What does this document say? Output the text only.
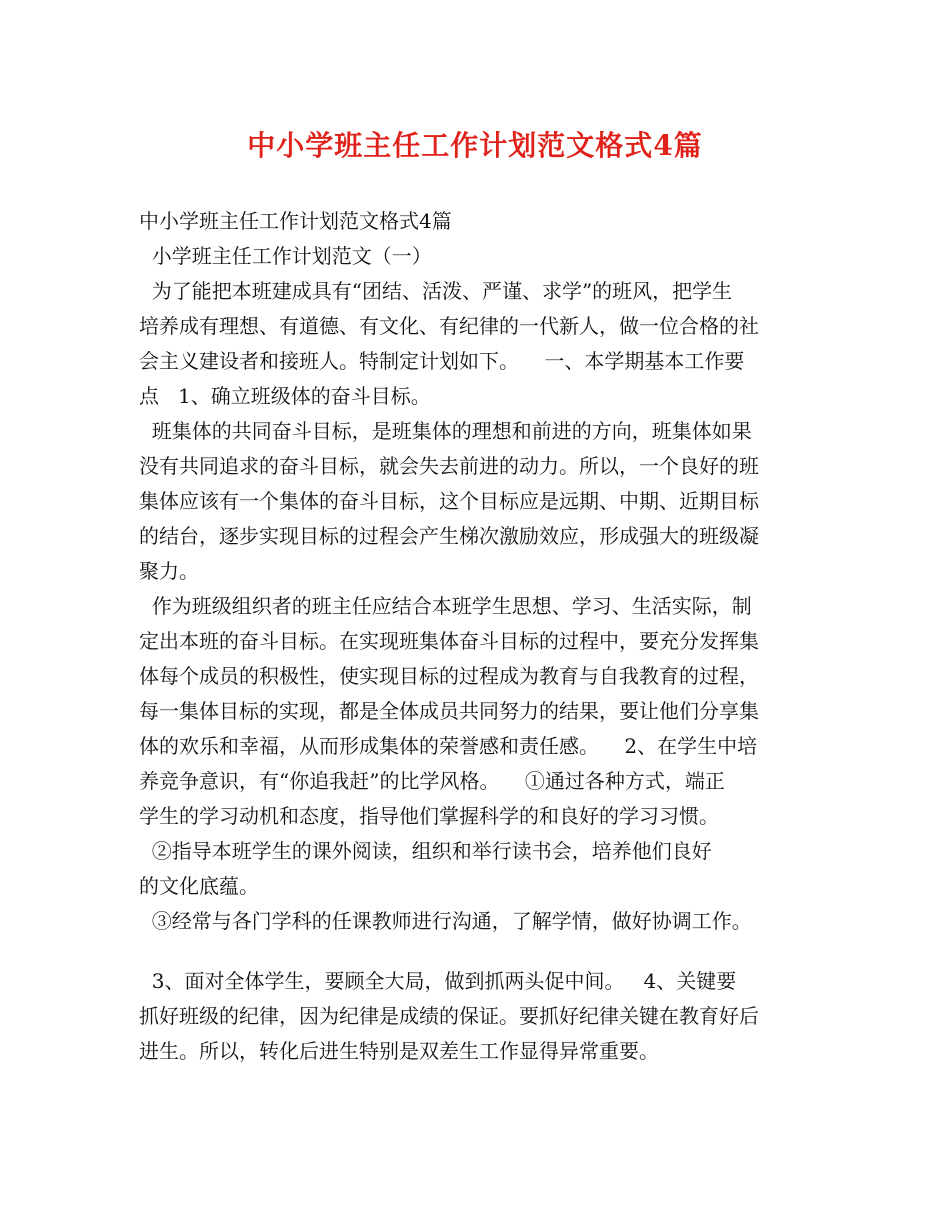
中小学班主任工作计划范文格式4篇
中小学班主任工作计划范文格式4篇
小学班主任工作计划范文（一）
为了能把本班建成具有“团结、活泼、严谨、求学”的班风，把学生
培养成有理想、有道德、有文化、有纪律的一代新人，做一位合格的社
会主义建设者和接班人。特制定计划如下。    一、本学期基本工作要
点   1、确立班级体的奋斗目标。
班集体的共同奋斗目标，是班集体的理想和前进的方向，班集体如果
没有共同追求的奋斗目标，就会失去前进的动力。所以，一个良好的班
集体应该有一个集体的奋斗目标，这个目标应是远期、中期、近期目标
的结台，逐步实现目标的过程会产生梯次激励效应，形成强大的班级凝
聚力。
作为班级组织者的班主任应结合本班学生思想、学习、生活实际，制
定出本班的奋斗目标。在实现班集体奋斗目标的过程中，要充分发挥集
体每个成员的积极性，使实现目标的过程成为教育与自我教育的过程，
每一集体目标的实现，都是全体成员共同努力的结果，要让他们分享集
体的欢乐和幸福，从而形成集体的荣誉感和责任感。    2、在学生中培
养竞争意识，有“你追我赶”的比学风格。    ①通过各种方式，端正
学生的学习动机和态度，指导他们掌握科学的和良好的学习习惯。
②指导本班学生的课外阅读，组织和举行读书会，培养他们良好
的文化底蕴。
③经常与各门学科的任课教师进行沟通，了解学情，做好协调工作。
3、面对全体学生，要顾全大局，做到抓两头促中间。   4、关键要
抓好班级的纪律，因为纪律是成绩的保证。要抓好纪律关键在教育好后
进生。所以，转化后进生特别是双差生工作显得异常重要。
